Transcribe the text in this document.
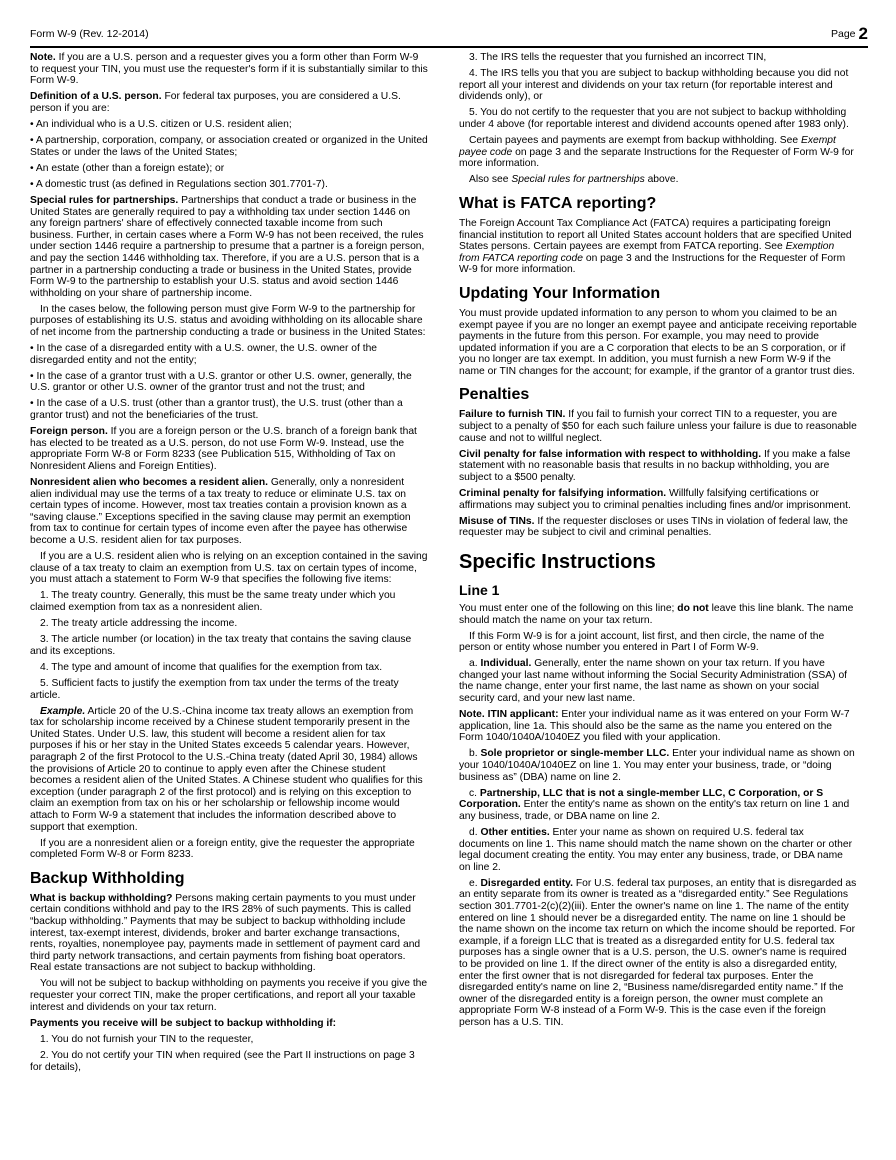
Form W-9 (Rev. 12-2014)	Page 2

Note. If you are a U.S. person and a requester gives you a form other than Form W-9 to request your TIN, you must use the requester's form if it is substantially similar to this Form W-9.

Definition of a U.S. person. For federal tax purposes, you are considered a U.S. person if you are:

• An individual who is a U.S. citizen or U.S. resident alien;

• A partnership, corporation, company, or association created or organized in the United States or under the laws of the United States;

• An estate (other than a foreign estate); or

• A domestic trust (as defined in Regulations section 301.7701-7).

Special rules for partnerships. Partnerships that conduct a trade or business in the United States are generally required to pay a withholding tax under section 1446 on any foreign partners' share of effectively connected taxable income from such business. Further, in certain cases where a Form W-9 has not been received, the rules under section 1446 require a partnership to presume that a partner is a foreign person, and pay the section 1446 withholding tax. Therefore, if you are a U.S. person that is a partner in a partnership conducting a trade or business in the United States, provide Form W-9 to the partnership to establish your U.S. status and avoid section 1446 withholding on your share of partnership income.

In the cases below, the following person must give Form W-9 to the partnership for purposes of establishing its U.S. status and avoiding withholding on its allocable share of net income from the partnership conducting a trade or business in the United States:

• In the case of a disregarded entity with a U.S. owner, the U.S. owner of the disregarded entity and not the entity;

• In the case of a grantor trust with a U.S. grantor or other U.S. owner, generally, the U.S. grantor or other U.S. owner of the grantor trust and not the trust; and

• In the case of a U.S. trust (other than a grantor trust), the U.S. trust (other than a grantor trust) and not the beneficiaries of the trust.

Foreign person. If you are a foreign person or the U.S. branch of a foreign bank that has elected to be treated as a U.S. person, do not use Form W-9. Instead, use the appropriate Form W-8 or Form 8233 (see Publication 515, Withholding of Tax on Nonresident Aliens and Foreign Entities).

Nonresident alien who becomes a resident alien. Generally, only a nonresident alien individual may use the terms of a tax treaty to reduce or eliminate U.S. tax on certain types of income. However, most tax treaties contain a provision known as a “saving clause.” Exceptions specified in the saving clause may permit an exemption from tax to continue for certain types of income even after the payee has otherwise become a U.S. resident alien for tax purposes.

If you are a U.S. resident alien who is relying on an exception contained in the saving clause of a tax treaty to claim an exemption from U.S. tax on certain types of income, you must attach a statement to Form W-9 that specifies the following five items:

1. The treaty country. Generally, this must be the same treaty under which you claimed exemption from tax as a nonresident alien.

2. The treaty article addressing the income.

3. The article number (or location) in the tax treaty that contains the saving clause and its exceptions.

4. The type and amount of income that qualifies for the exemption from tax.

5. Sufficient facts to justify the exemption from tax under the terms of the treaty article.

Example. Article 20 of the U.S.-China income tax treaty allows an exemption from tax for scholarship income received by a Chinese student temporarily present in the United States. Under U.S. law, this student will become a resident alien for tax purposes if his or her stay in the United States exceeds 5 calendar years. However, paragraph 2 of the first Protocol to the U.S.-China treaty (dated April 30, 1984) allows the provisions of Article 20 to continue to apply even after the Chinese student becomes a resident alien of the United States. A Chinese student who qualifies for this exception (under paragraph 2 of the first protocol) and is relying on this exception to claim an exemption from tax on his or her scholarship or fellowship income would attach to Form W-9 a statement that includes the information described above to support that exemption.

If you are a nonresident alien or a foreign entity, give the requester the appropriate completed Form W-8 or Form 8233.

Backup Withholding

What is backup withholding? Persons making certain payments to you must under certain conditions withhold and pay to the IRS 28% of such payments. This is called “backup withholding.” Payments that may be subject to backup withholding include interest, tax-exempt interest, dividends, broker and barter exchange transactions, rents, royalties, nonemployee pay, payments made in settlement of payment card and third party network transactions, and certain payments from fishing boat operators. Real estate transactions are not subject to backup withholding.

You will not be subject to backup withholding on payments you receive if you give the requester your correct TIN, make the proper certifications, and report all your taxable interest and dividends on your tax return.

Payments you receive will be subject to backup withholding if:

1. You do not furnish your TIN to the requester,

2. You do not certify your TIN when required (see the Part II instructions on page 3 for details),

3. The IRS tells the requester that you furnished an incorrect TIN,

4. The IRS tells you that you are subject to backup withholding because you did not report all your interest and dividends on your tax return (for reportable interest and dividends only), or

5. You do not certify to the requester that you are not subject to backup withholding under 4 above (for reportable interest and dividend accounts opened after 1983 only).

Certain payees and payments are exempt from backup withholding. See Exempt payee code on page 3 and the separate Instructions for the Requester of Form W-9 for more information.

Also see Special rules for partnerships above.

What is FATCA reporting?

The Foreign Account Tax Compliance Act (FATCA) requires a participating foreign financial institution to report all United States account holders that are specified United States persons. Certain payees are exempt from FATCA reporting. See Exemption from FATCA reporting code on page 3 and the Instructions for the Requester of Form W-9 for more information.

Updating Your Information

You must provide updated information to any person to whom you claimed to be an exempt payee if you are no longer an exempt payee and anticipate receiving reportable payments in the future from this person. For example, you may need to provide updated information if you are a C corporation that elects to be an S corporation, or if you no longer are tax exempt. In addition, you must furnish a new Form W-9 if the name or TIN changes for the account; for example, if the grantor of a grantor trust dies.

Penalties

Failure to furnish TIN. If you fail to furnish your correct TIN to a requester, you are subject to a penalty of $50 for each such failure unless your failure is due to reasonable cause and not to willful neglect.

Civil penalty for false information with respect to withholding. If you make a false statement with no reasonable basis that results in no backup withholding, you are subject to a $500 penalty.

Criminal penalty for falsifying information. Willfully falsifying certifications or affirmations may subject you to criminal penalties including fines and/or imprisonment.

Misuse of TINs. If the requester discloses or uses TINs in violation of federal law, the requester may be subject to civil and criminal penalties.

Specific Instructions
Line 1

You must enter one of the following on this line; do not leave this line blank. The name should match the name on your tax return.

If this Form W-9 is for a joint account, list first, and then circle, the name of the person or entity whose number you entered in Part I of Form W-9.

a. Individual. Generally, enter the name shown on your tax return. If you have changed your last name without informing the Social Security Administration (SSA) of the name change, enter your first name, the last name as shown on your social security card, and your new last name.

Note. ITIN applicant: Enter your individual name as it was entered on your Form W-7 application, line 1a. This should also be the same as the name you entered on the Form 1040/1040A/1040EZ you filed with your application.

b. Sole proprietor or single-member LLC. Enter your individual name as shown on your 1040/1040A/1040EZ on line 1. You may enter your business, trade, or “doing business as” (DBA) name on line 2.

c. Partnership, LLC that is not a single-member LLC, C Corporation, or S Corporation. Enter the entity's name as shown on the entity's tax return on line 1 and any business, trade, or DBA name on line 2.

d. Other entities. Enter your name as shown on required U.S. federal tax documents on line 1. This name should match the name shown on the charter or other legal document creating the entity. You may enter any business, trade, or DBA name on line 2.

e. Disregarded entity. For U.S. federal tax purposes, an entity that is disregarded as an entity separate from its owner is treated as a “disregarded entity.” See Regulations section 301.7701-2(c)(2)(iii). Enter the owner's name on line 1. The name of the entity entered on line 1 should never be a disregarded entity. The name on line 1 should be the name shown on the income tax return on which the income should be reported. For example, if a foreign LLC that is treated as a disregarded entity for U.S. federal tax purposes has a single owner that is a U.S. person, the U.S. owner's name is required to be provided on line 1. If the direct owner of the entity is also a disregarded entity, enter the first owner that is not disregarded for federal tax purposes. Enter the disregarded entity's name on line 2, “Business name/disregarded entity name.” If the owner of the disregarded entity is a foreign person, the owner must complete an appropriate Form W-8 instead of a Form W-9. This is the case even if the foreign person has a U.S. TIN.
